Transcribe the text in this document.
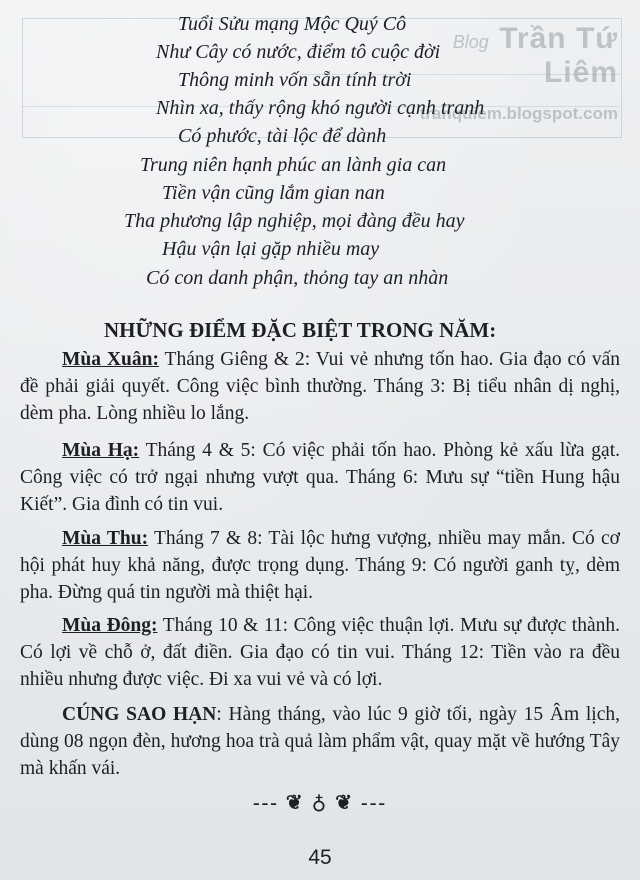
Blog Trần Tứ Liêm
tranquiem.blogspot.com
Tuổi Sửu mạng Mộc Quý Cô
Như Cây có nước, điểm tô cuộc đời
Thông minh vốn sẵn tính trời
Nhìn xa, thấy rộng khó người cạnh tranh
Có phước, tài lộc để dành
Trung niên hạnh phúc an lành gia can
Tiền vận cũng lắm gian nan
Tha phương lập nghiệp, mọi đàng đều hay
Hậu vận lại gặp nhiều may
Có con danh phận, thỏng tay an nhàn
NHỮNG ĐIỂM ĐẶC BIỆT TRONG NĂM:
Mùa Xuân: Tháng Giêng & 2: Vui vẻ nhưng tốn hao. Gia đạo có vấn đề phải giải quyết. Công việc bình thường. Tháng 3: Bị tiểu nhân dị nghị, dèm pha. Lòng nhiều lo lắng.
Mùa Hạ: Tháng 4 & 5: Có việc phải tốn hao. Phòng kẻ xấu lừa gạt. Công việc có trở ngại nhưng vượt qua. Tháng 6: Mưu sự “tiền Hung hậu Kiết”. Gia đình có tin vui.
Mùa Thu: Tháng 7 & 8: Tài lộc hưng vượng, nhiều may mắn. Có cơ hội phát huy khả năng, được trọng dụng. Tháng 9: Có người ganh tỵ, dèm pha. Đừng quá tin người mà thiệt hại.
Mùa Đông: Tháng 10 & 11: Công việc thuận lợi. Mưu sự được thành. Có lợi về chỗ ở, đất điền. Gia đạo có tin vui. Tháng 12: Tiền vào ra đều nhiều nhưng được việc. Đi xa vui vẻ và có lợi.
CÚNG SAO HẠN: Hàng tháng, vào lúc 9 giờ tối, ngày 15 Âm lịch, dùng 08 ngọn đèn, hương hoa trà quả làm phẩm vật, quay mặt về hướng Tây mà khấn vái.
--- ❦ ♁ ❦ ---
45
